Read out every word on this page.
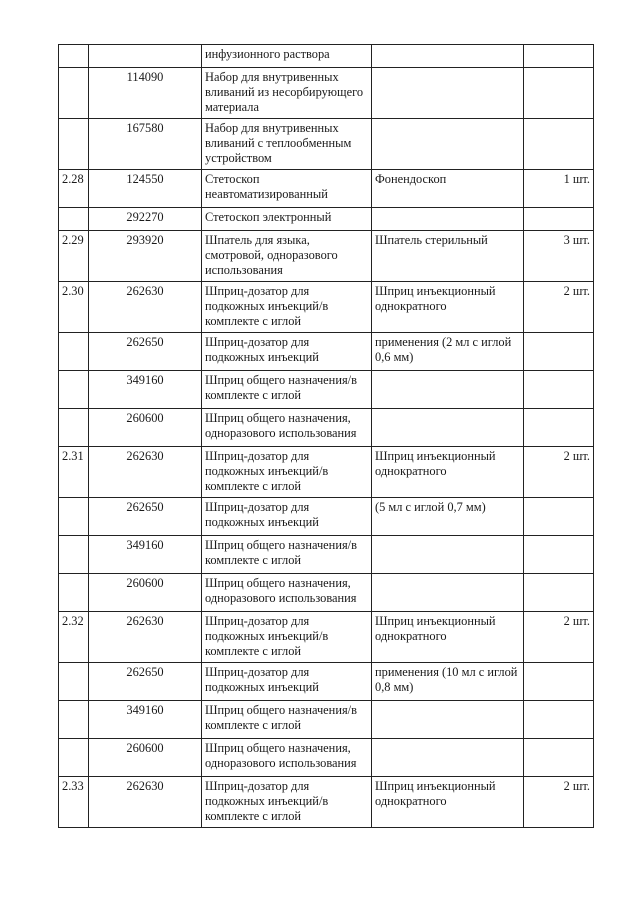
		инфузионного раствора		
	114090	Набор для внутривенных вливаний из несорбирующего материала		
	167580	Набор для внутривенных вливаний с теплообменным устройством		
2.28	124550	Стетоскоп неавтоматизированный	Фонендоскоп	1 шт.
	292270	Стетоскоп электронный		
2.29	293920	Шпатель для языка, смотровой, одноразового использования	Шпатель стерильный	3 шт.
2.30	262630	Шприц-дозатор для подкожных инъекций/в комплекте с иглой	Шприц инъекционный однократного	2 шт.
	262650	Шприц-дозатор для подкожных инъекций	применения (2 мл с иглой 0,6 мм)	
	349160	Шприц общего назначения/в комплекте с иглой		
	260600	Шприц общего назначения, одноразового использования		
2.31	262630	Шприц-дозатор для подкожных инъекций/в комплекте с иглой	Шприц инъекционный однократного	2 шт.
	262650	Шприц-дозатор для подкожных инъекций	(5 мл с иглой 0,7 мм)	
	349160	Шприц общего назначения/в комплекте с иглой		
	260600	Шприц общего назначения, одноразового использования		
2.32	262630	Шприц-дозатор для подкожных инъекций/в комплекте с иглой	Шприц инъекционный однократного	2 шт.
	262650	Шприц-дозатор для подкожных инъекций	применения (10 мл с иглой 0,8 мм)	
	349160	Шприц общего назначения/в комплекте с иглой		
	260600	Шприц общего назначения, одноразового использования		
2.33	262630	Шприц-дозатор для подкожных инъекций/в комплекте с иглой	Шприц инъекционный однократного	2 шт.
